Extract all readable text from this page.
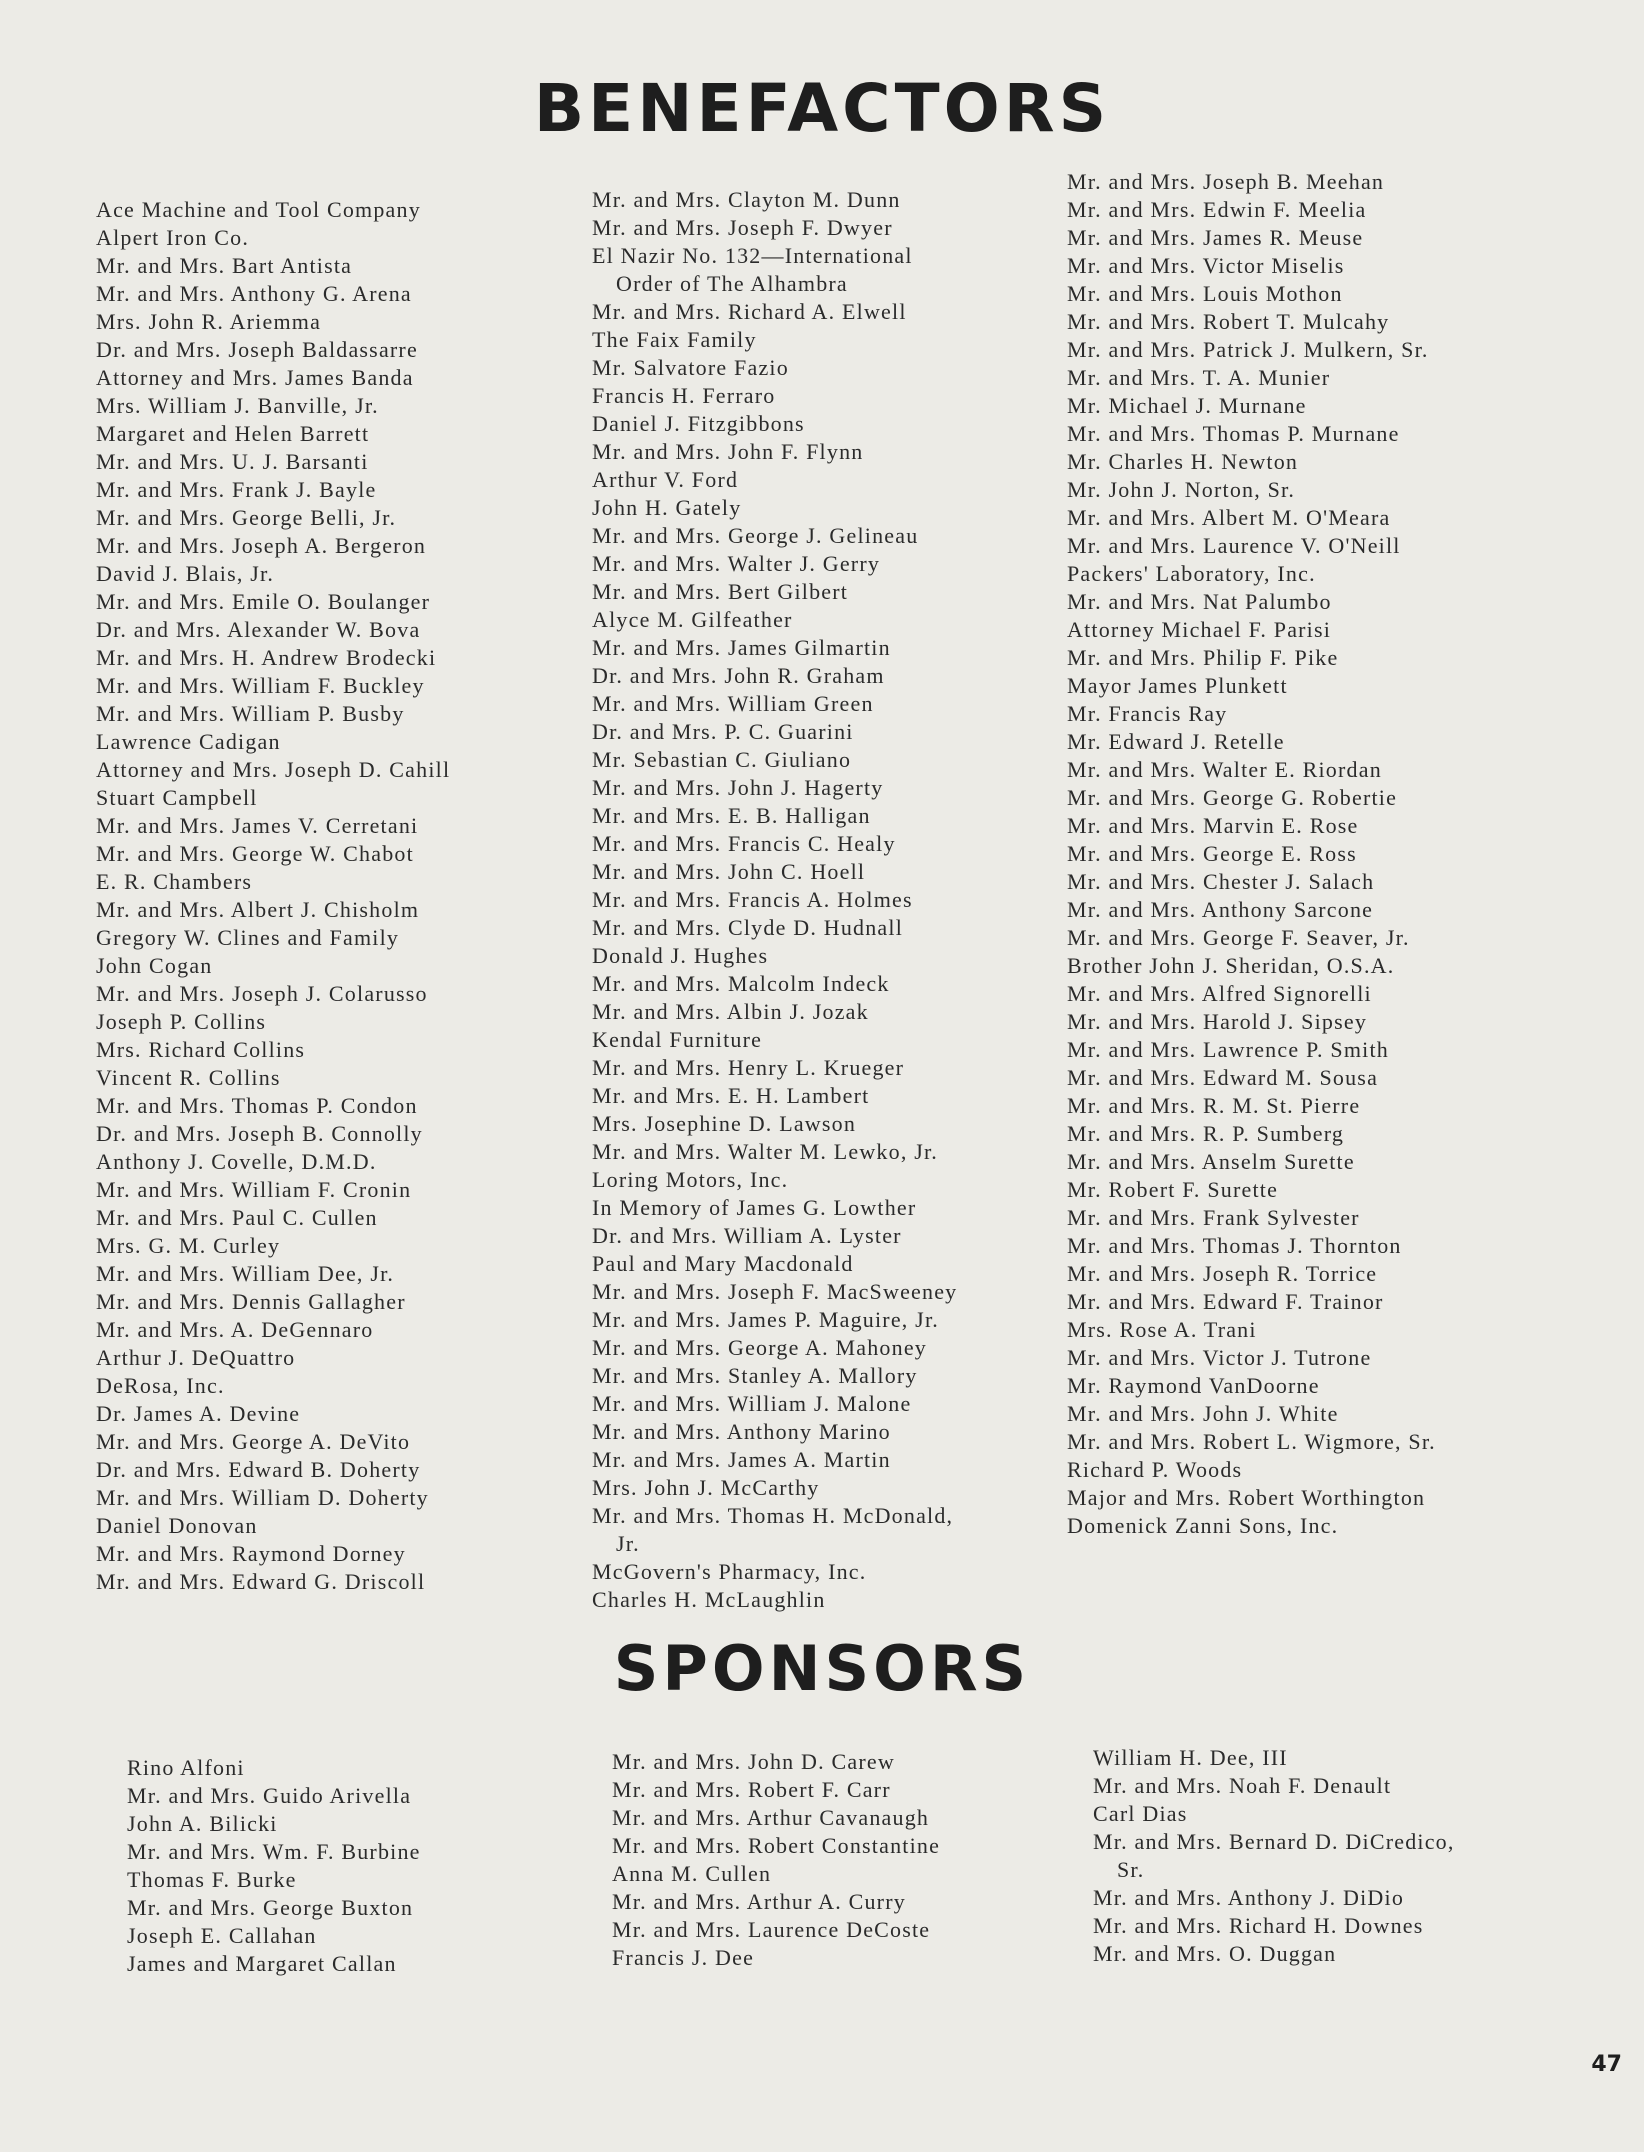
BENEFACTORS
Ace Machine and Tool Company
Alpert Iron Co.
Mr. and Mrs. Bart Antista
Mr. and Mrs. Anthony G. Arena
Mrs. John R. Ariemma
Dr. and Mrs. Joseph Baldassarre
Attorney and Mrs. James Banda
Mrs. William J. Banville, Jr.
Margaret and Helen Barrett
Mr. and Mrs. U. J. Barsanti
Mr. and Mrs. Frank J. Bayle
Mr. and Mrs. George Belli, Jr.
Mr. and Mrs. Joseph A. Bergeron
David J. Blais, Jr.
Mr. and Mrs. Emile O. Boulanger
Dr. and Mrs. Alexander W. Bova
Mr. and Mrs. H. Andrew Brodecki
Mr. and Mrs. William F. Buckley
Mr. and Mrs. William P. Busby
Lawrence Cadigan
Attorney and Mrs. Joseph D. Cahill
Stuart Campbell
Mr. and Mrs. James V. Cerretani
Mr. and Mrs. George W. Chabot
E. R. Chambers
Mr. and Mrs. Albert J. Chisholm
Gregory W. Clines and Family
John Cogan
Mr. and Mrs. Joseph J. Colarusso
Joseph P. Collins
Mrs. Richard Collins
Vincent R. Collins
Mr. and Mrs. Thomas P. Condon
Dr. and Mrs. Joseph B. Connolly
Anthony J. Covelle, D.M.D.
Mr. and Mrs. William F. Cronin
Mr. and Mrs. Paul C. Cullen
Mrs. G. M. Curley
Mr. and Mrs. William Dee, Jr.
Mr. and Mrs. Dennis Gallagher
Mr. and Mrs. A. DeGennaro
Arthur J. DeQuattro
DeRosa, Inc.
Dr. James A. Devine
Mr. and Mrs. George A. DeVito
Dr. and Mrs. Edward B. Doherty
Mr. and Mrs. William D. Doherty
Daniel Donovan
Mr. and Mrs. Raymond Dorney
Mr. and Mrs. Edward G. Driscoll
Mr. and Mrs. Clayton M. Dunn
Mr. and Mrs. Joseph F. Dwyer
El Nazir No. 132—International
Order of The Alhambra
Mr. and Mrs. Richard A. Elwell
The Faix Family
Mr. Salvatore Fazio
Francis H. Ferraro
Daniel J. Fitzgibbons
Mr. and Mrs. John F. Flynn
Arthur V. Ford
John H. Gately
Mr. and Mrs. George J. Gelineau
Mr. and Mrs. Walter J. Gerry
Mr. and Mrs. Bert Gilbert
Alyce M. Gilfeather
Mr. and Mrs. James Gilmartin
Dr. and Mrs. John R. Graham
Mr. and Mrs. William Green
Dr. and Mrs. P. C. Guarini
Mr. Sebastian C. Giuliano
Mr. and Mrs. John J. Hagerty
Mr. and Mrs. E. B. Halligan
Mr. and Mrs. Francis C. Healy
Mr. and Mrs. John C. Hoell
Mr. and Mrs. Francis A. Holmes
Mr. and Mrs. Clyde D. Hudnall
Donald J. Hughes
Mr. and Mrs. Malcolm Indeck
Mr. and Mrs. Albin J. Jozak
Kendal Furniture
Mr. and Mrs. Henry L. Krueger
Mr. and Mrs. E. H. Lambert
Mrs. Josephine D. Lawson
Mr. and Mrs. Walter M. Lewko, Jr.
Loring Motors, Inc.
In Memory of James G. Lowther
Dr. and Mrs. William A. Lyster
Paul and Mary Macdonald
Mr. and Mrs. Joseph F. MacSweeney
Mr. and Mrs. James P. Maguire, Jr.
Mr. and Mrs. George A. Mahoney
Mr. and Mrs. Stanley A. Mallory
Mr. and Mrs. William J. Malone
Mr. and Mrs. Anthony Marino
Mr. and Mrs. James A. Martin
Mrs. John J. McCarthy
Mr. and Mrs. Thomas H. McDonald,
Jr.
McGovern's Pharmacy, Inc.
Charles H. McLaughlin
Mr. and Mrs. Joseph B. Meehan
Mr. and Mrs. Edwin F. Meelia
Mr. and Mrs. James R. Meuse
Mr. and Mrs. Victor Miselis
Mr. and Mrs. Louis Mothon
Mr. and Mrs. Robert T. Mulcahy
Mr. and Mrs. Patrick J. Mulkern, Sr.
Mr. and Mrs. T. A. Munier
Mr. Michael J. Murnane
Mr. and Mrs. Thomas P. Murnane
Mr. Charles H. Newton
Mr. John J. Norton, Sr.
Mr. and Mrs. Albert M. O'Meara
Mr. and Mrs. Laurence V. O'Neill
Packers' Laboratory, Inc.
Mr. and Mrs. Nat Palumbo
Attorney Michael F. Parisi
Mr. and Mrs. Philip F. Pike
Mayor James Plunkett
Mr. Francis Ray
Mr. Edward J. Retelle
Mr. and Mrs. Walter E. Riordan
Mr. and Mrs. George G. Robertie
Mr. and Mrs. Marvin E. Rose
Mr. and Mrs. George E. Ross
Mr. and Mrs. Chester J. Salach
Mr. and Mrs. Anthony Sarcone
Mr. and Mrs. George F. Seaver, Jr.
Brother John J. Sheridan, O.S.A.
Mr. and Mrs. Alfred Signorelli
Mr. and Mrs. Harold J. Sipsey
Mr. and Mrs. Lawrence P. Smith
Mr. and Mrs. Edward M. Sousa
Mr. and Mrs. R. M. St. Pierre
Mr. and Mrs. R. P. Sumberg
Mr. and Mrs. Anselm Surette
Mr. Robert F. Surette
Mr. and Mrs. Frank Sylvester
Mr. and Mrs. Thomas J. Thornton
Mr. and Mrs. Joseph R. Torrice
Mr. and Mrs. Edward F. Trainor
Mrs. Rose A. Trani
Mr. and Mrs. Victor J. Tutrone
Mr. Raymond VanDoorne
Mr. and Mrs. John J. White
Mr. and Mrs. Robert L. Wigmore, Sr.
Richard P. Woods
Major and Mrs. Robert Worthington
Domenick Zanni Sons, Inc.
SPONSORS
Rino Alfoni
Mr. and Mrs. Guido Arivella
John A. Bilicki
Mr. and Mrs. Wm. F. Burbine
Thomas F. Burke
Mr. and Mrs. George Buxton
Joseph E. Callahan
James and Margaret Callan
Mr. and Mrs. John D. Carew
Mr. and Mrs. Robert F. Carr
Mr. and Mrs. Arthur Cavanaugh
Mr. and Mrs. Robert Constantine
Anna M. Cullen
Mr. and Mrs. Arthur A. Curry
Mr. and Mrs. Laurence DeCoste
Francis J. Dee
William H. Dee, III
Mr. and Mrs. Noah F. Denault
Carl Dias
Mr. and Mrs. Bernard D. DiCredico,
Sr.
Mr. and Mrs. Anthony J. DiDio
Mr. and Mrs. Richard H. Downes
Mr. and Mrs. O. Duggan
47
